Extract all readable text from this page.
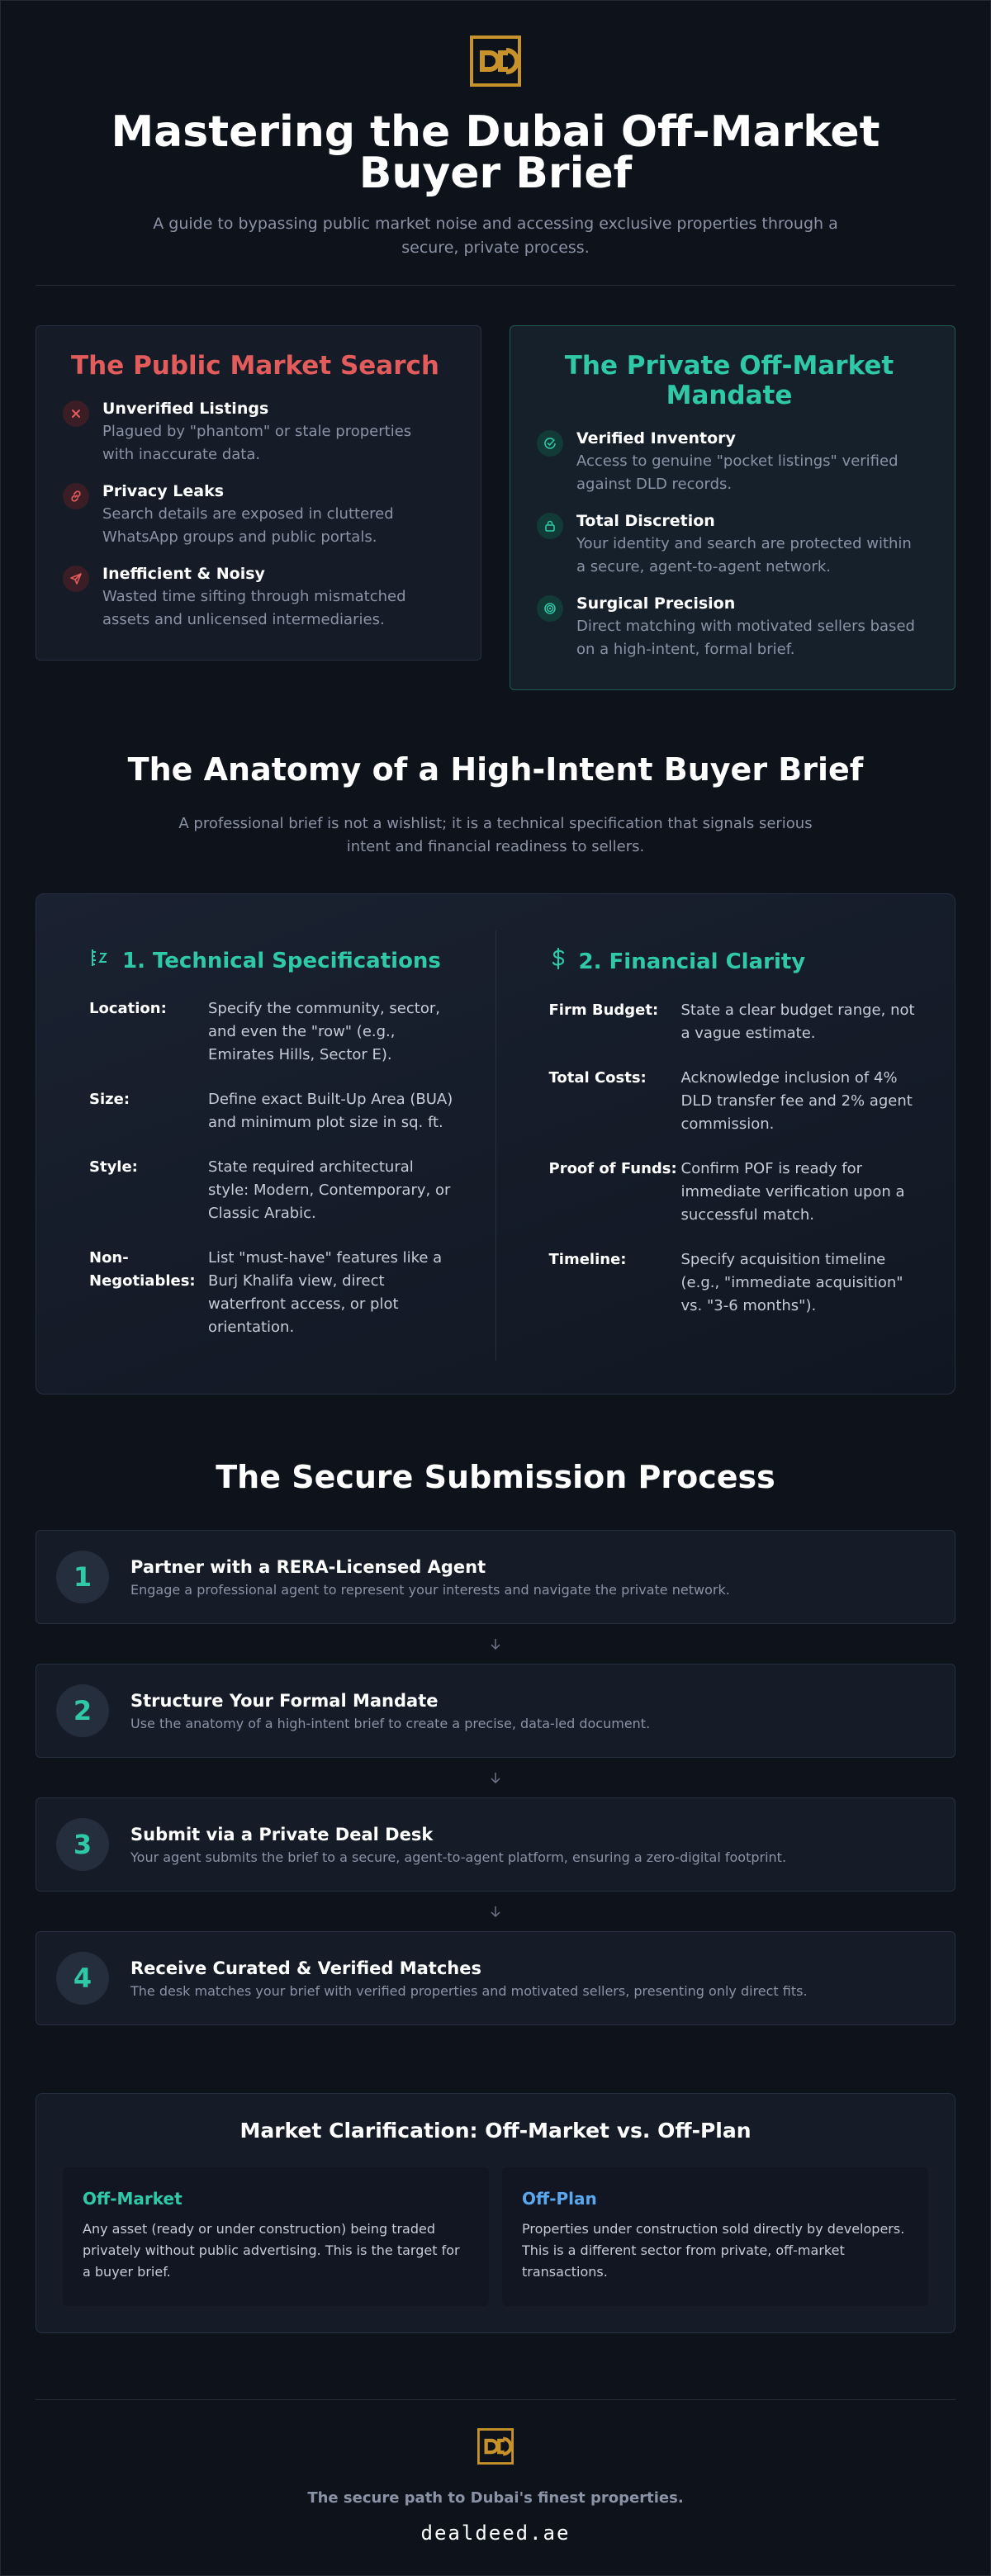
Mastering the Dubai Off-Market Buyer Brief

A guide to bypassing public market noise and accessing exclusive properties through a secure, private process.

The Public Market Search
Unverified Listings
Plagued by "phantom" or stale properties with inaccurate data.
Privacy Leaks
Search details are exposed in cluttered WhatsApp groups and public portals.
Inefficient & Noisy
Wasted time sifting through mismatched assets and unlicensed intermediaries.
The Private Off-Market Mandate
Verified Inventory
Access to genuine "pocket listings" verified against DLD records.
Total Discretion
Your identity and search are protected within a secure, agent-to-agent network.
Surgical Precision
Direct matching with motivated sellers based on a high-intent, formal brief.
The Anatomy of a High-Intent Buyer Brief

A professional brief is not a wishlist; it is a technical specification that signals serious intent and financial readiness to sellers.

1. Technical Specifications
Location:	Specify the community, sector, and even the "row" (e.g., Emirates Hills, Sector E).
Size:	Define exact Built-Up Area (BUA) and minimum plot size in sq. ft.
Style:	State required architectural style: Modern, Contemporary, or Classic Arabic.
Non-Negotiables:
List "must-have" features like a Burj Khalifa view, direct waterfront access, or plot orientation.
2. Financial Clarity
Firm Budget:	State a clear budget range, not a vague estimate.
Total Costs:	Acknowledge inclusion of 4% DLD transfer fee and 2% agent commission.
Proof of Funds: Confirm POF is ready for immediate verification upon a successful match.
Timeline:	Specify acquisition timeline (e.g., "immediate acquisition" vs. "3-6 months").
The Secure Submission Process
1	Partner with a RERA-Licensed Agent
Engage a professional agent to represent your interests and navigate the private network.
2	Structure Your Formal Mandate
Use the anatomy of a high-intent brief to create a precise, data-led document.
3	Submit via a Private Deal Desk
Your agent submits the brief to a secure, agent-to-agent platform, ensuring a zero-digital footprint.
4	Receive Curated & Verified Matches
The desk matches your brief with verified properties and motivated sellers, presenting only direct fits.
Market Clarification: Off-Market vs. Off-Plan
Off-Market

Any asset (ready or under construction) being traded privately without public advertising. This is the target for a buyer brief.

Off-Plan

Properties under construction sold directly by developers. This is a different sector from private, off-market transactions.

The secure path to Dubai's finest properties.
dealdeed.ae
